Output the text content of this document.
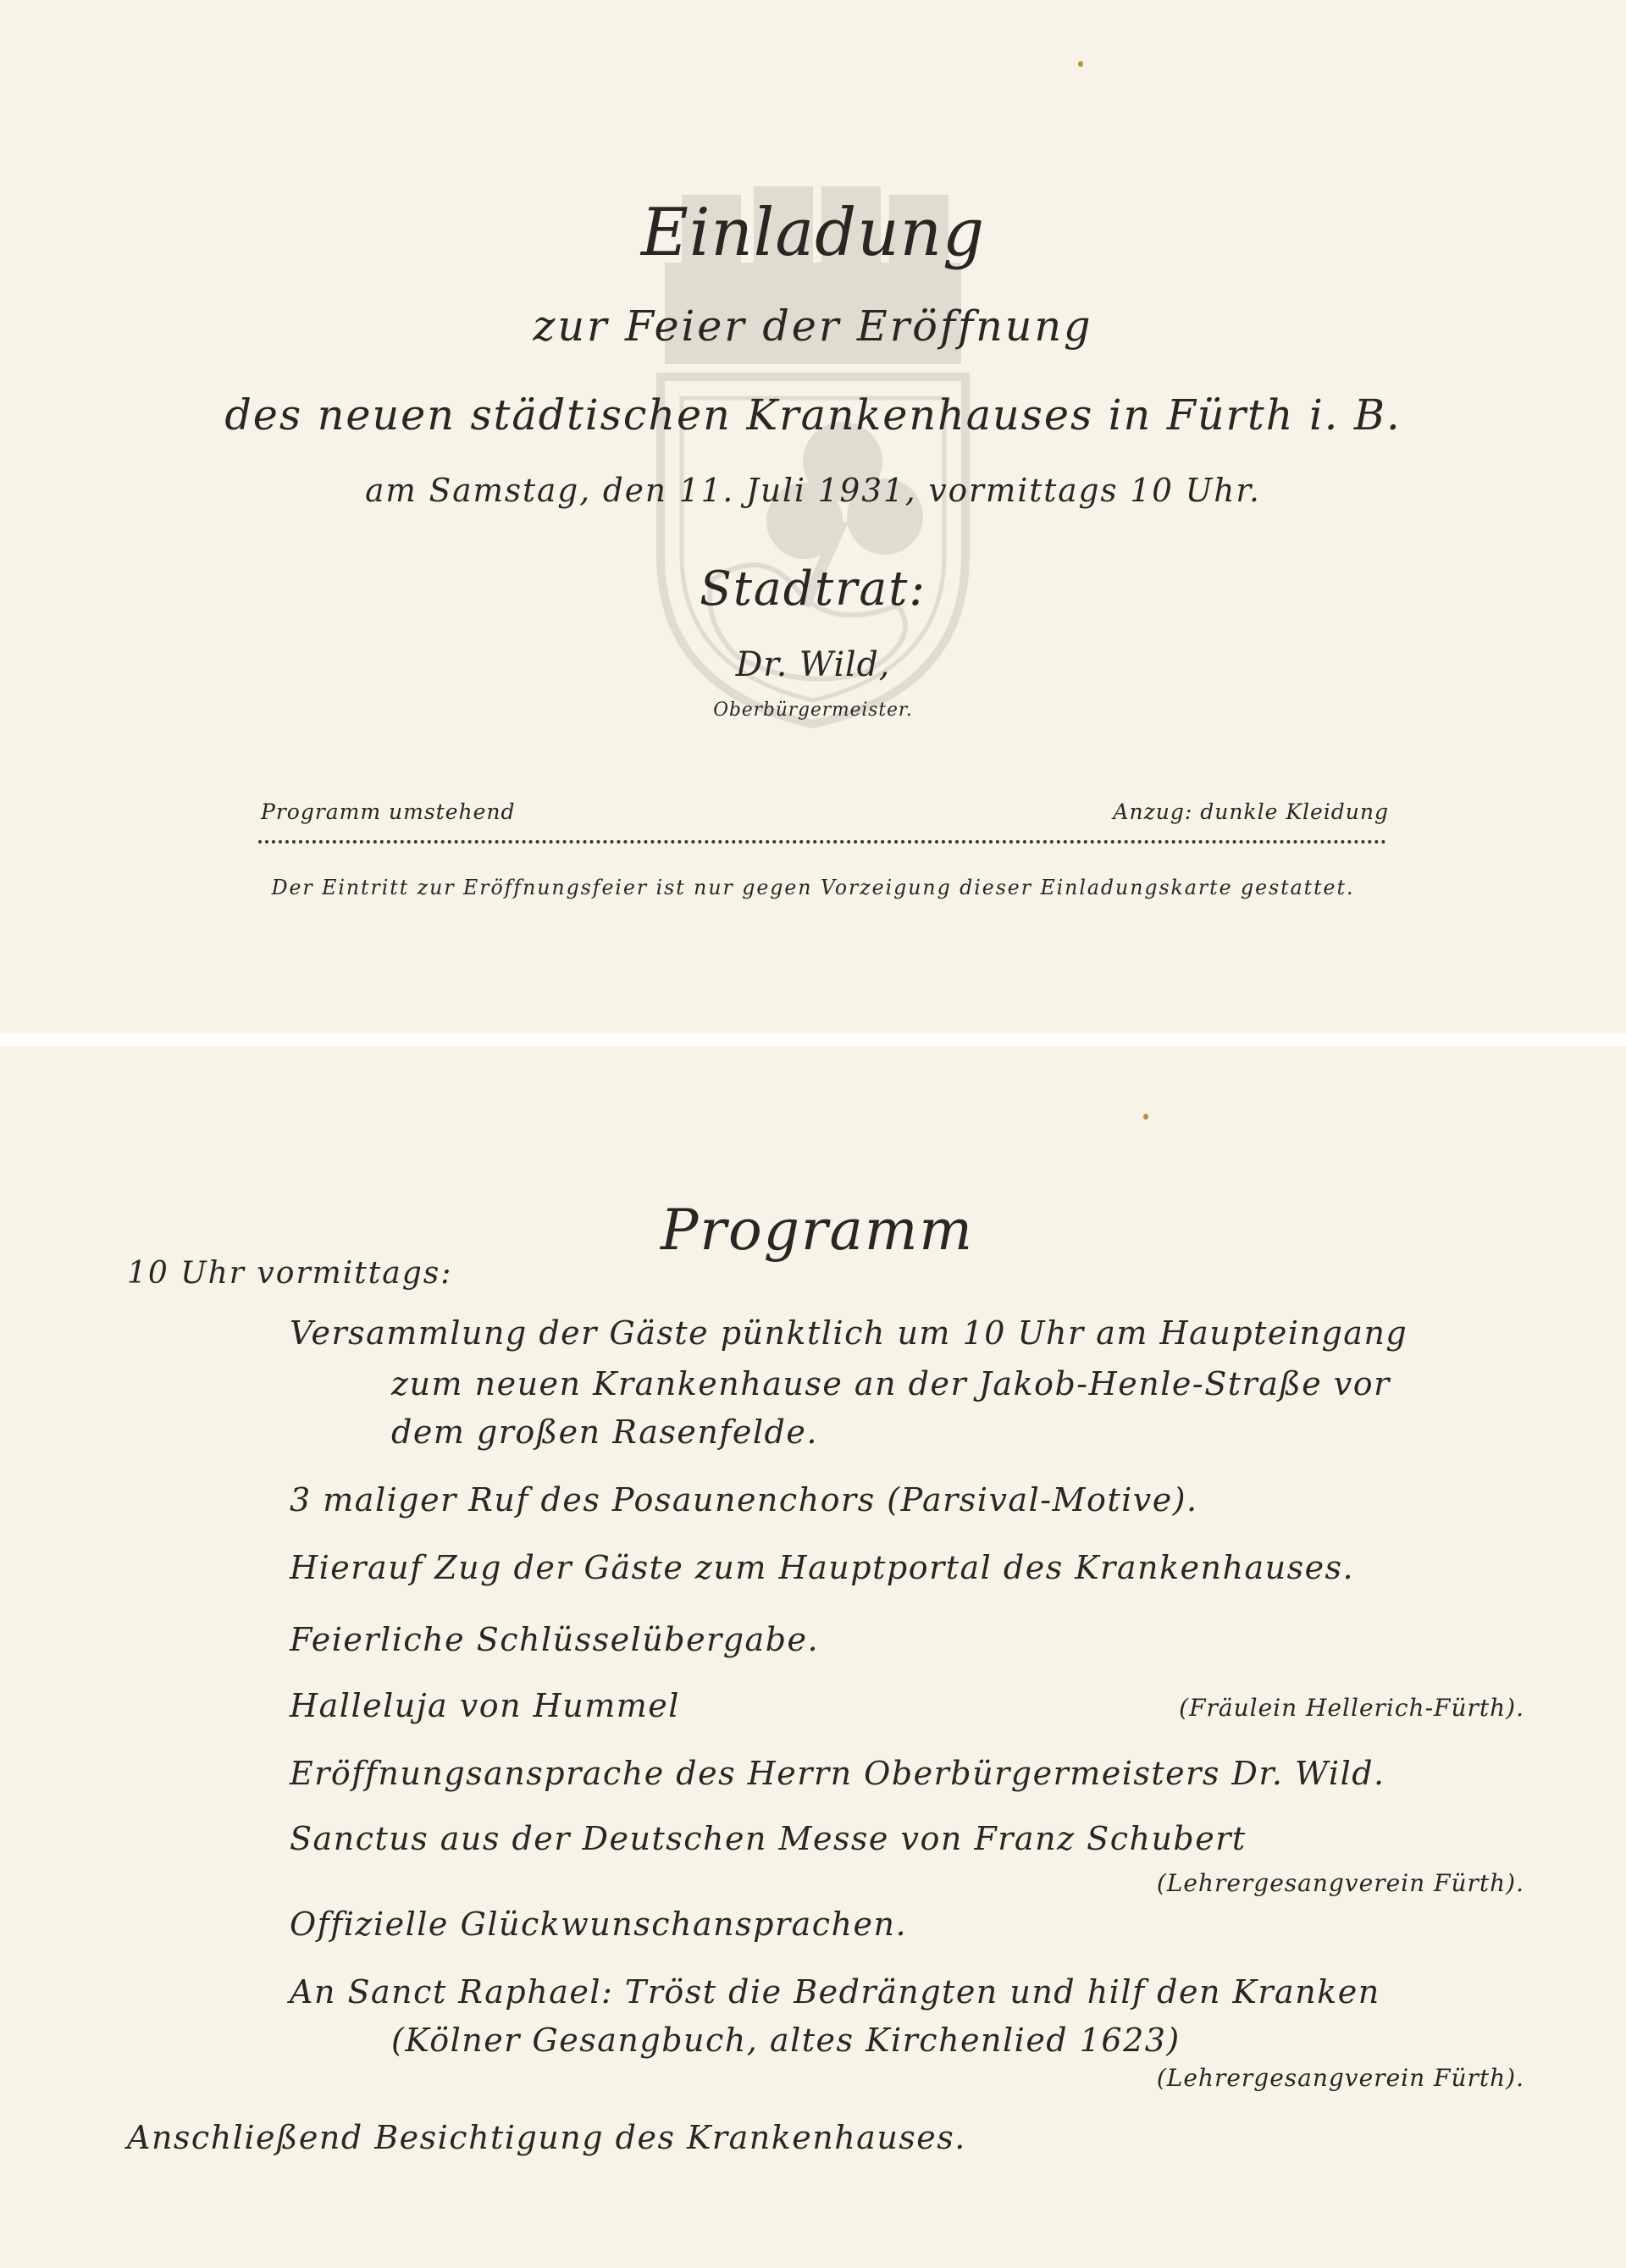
Einladung
zur Feier der Eröffnung
des neuen städtischen Krankenhauses in Fürth i. B.
am Samstag, den 11. Juli 1931, vormittags 10 Uhr.
Stadtrat:
Dr. Wild,
Oberbürgermeister.
Programm umstehend	Anzug: dunkle Kleidung
Der Eintritt zur Eröffnungsfeier ist nur gegen Vorzeigung dieser Einladungskarte gestattet.
Programm
10 Uhr vormittags:
Versammlung der Gäste pünktlich um 10 Uhr am Haupteingang
zum neuen Krankenhause an der Jakob-Henle-Straße vor
dem großen Rasenfelde.
3 maliger Ruf des Posaunenchors (Parsival-Motive).
Hierauf Zug der Gäste zum Hauptportal des Krankenhauses.
Feierliche Schlüsselübergabe.
Halleluja von Hummel	(Fräulein Hellerich-Fürth).
Eröffnungsansprache des Herrn Oberbürgermeisters Dr. Wild.
Sanctus aus der Deutschen Messe von Franz Schubert
(Lehrergesangverein Fürth).
Offizielle Glückwunschansprachen.
An Sanct Raphael: Tröst die Bedrängten und hilf den Kranken
(Kölner Gesangbuch, altes Kirchenlied 1623)
(Lehrergesangverein Fürth).
Anschließend Besichtigung des Krankenhauses.
